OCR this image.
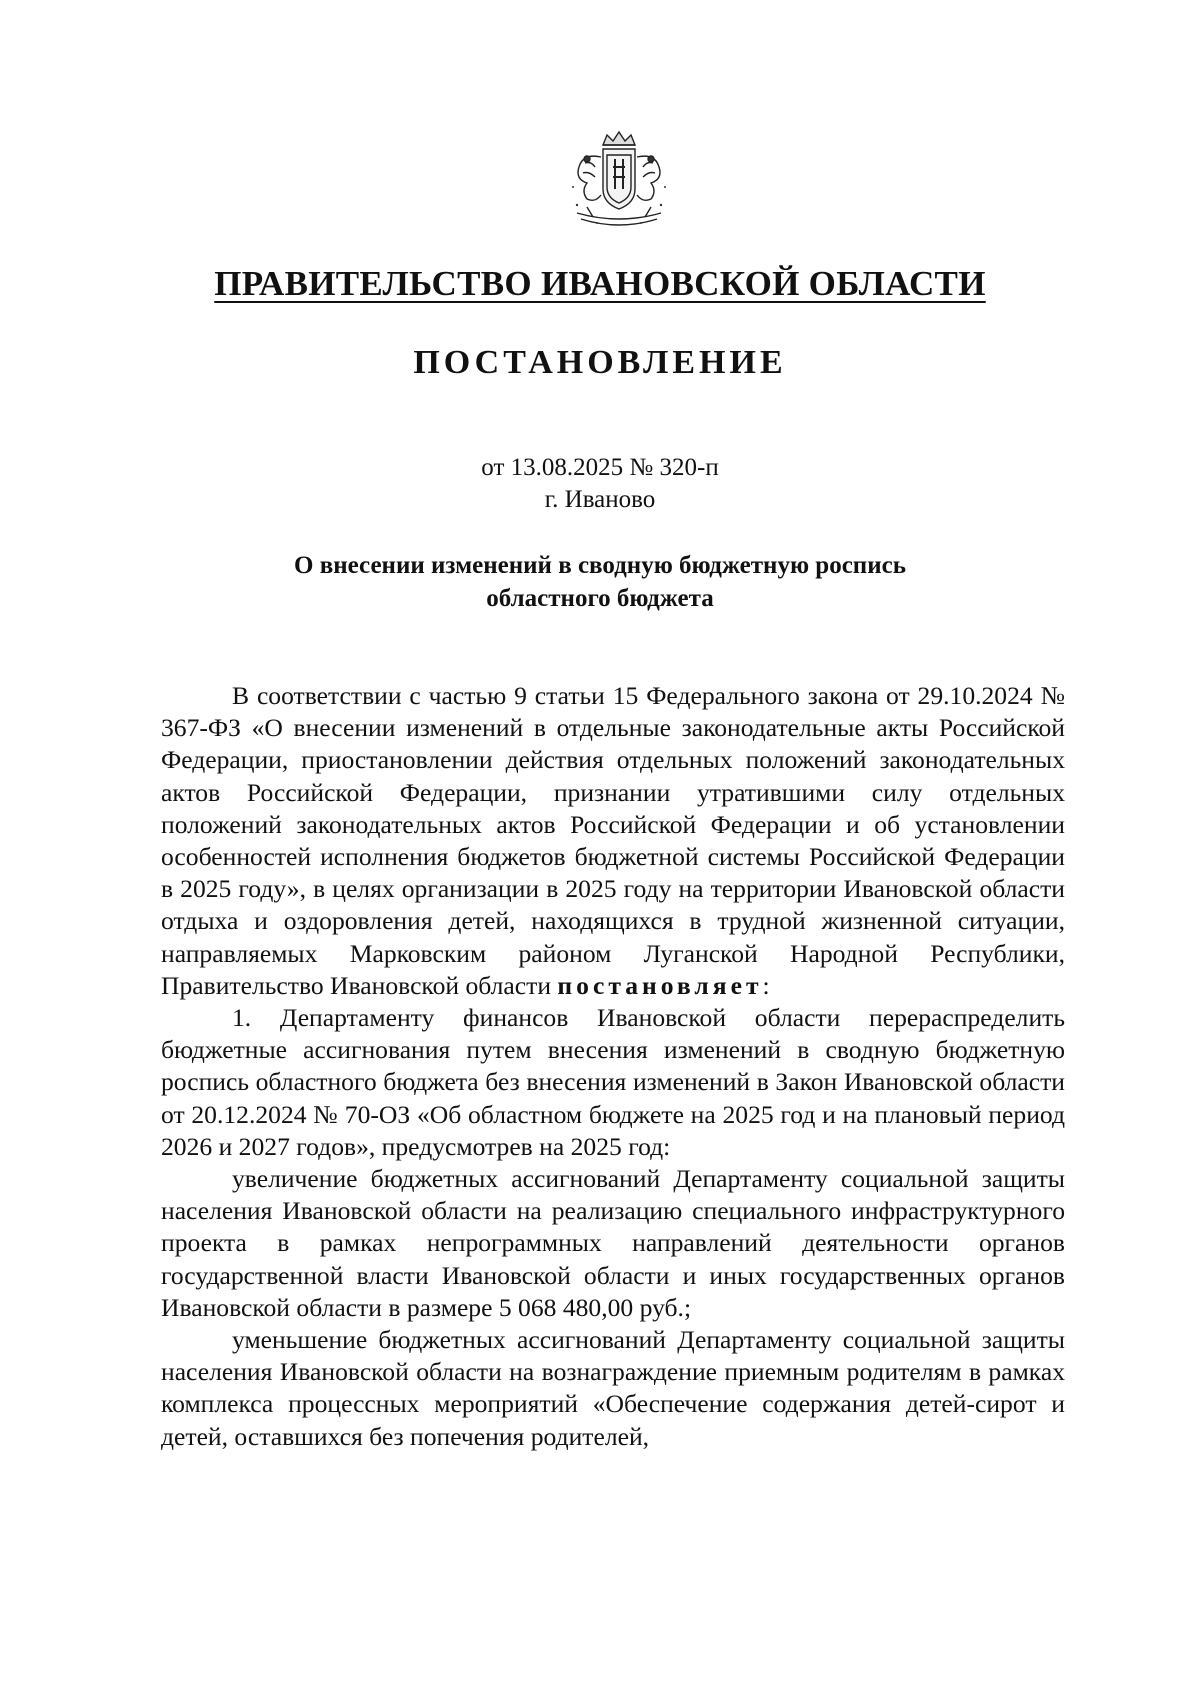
ПРАВИТЕЛЬСТВО ИВАНОВСКОЙ ОБЛАСТИ
ПОСТАНОВЛЕНИЕ
от 13.08.2025 № 320-п
г. Иваново
О внесении изменений в сводную бюджетную роспись
областного бюджета

В соответствии с частью 9 статьи 15 Федерального закона от 29.10.2024 № 367-ФЗ «О внесении изменений в отдельные законодательные акты Российской Федерации, приостановлении действия отдельных положений законодательных актов Российской Федерации, признании утратившими силу отдельных положений законодательных актов Российской Федерации и об установлении особенностей исполнения бюджетов бюджетной системы Российской Федерации в 2025 году», в целях организации в 2025 году на территории Ивановской области отдыха и оздоровления детей, находящихся в трудной жизненной ситуации, направляемых Марковским районом Луганской Народной Республики, Правительство Ивановской области постановляет:

1. Департаменту финансов Ивановской области перераспределить бюджетные ассигнования путем внесения изменений в сводную бюджетную роспись областного бюджета без внесения изменений в Закон Ивановской области от 20.12.2024 № 70-ОЗ «Об областном бюджете на 2025 год и на плановый период 2026 и 2027 годов», предусмотрев на 2025 год:

увеличение бюджетных ассигнований Департаменту социальной защиты населения Ивановской области на реализацию специального инфраструктурного проекта в рамках непрограммных направлений деятельности органов государственной власти Ивановской области и иных государственных органов Ивановской области в размере 5 068 480,00 руб.;

уменьшение бюджетных ассигнований Департаменту социальной защиты населения Ивановской области на вознаграждение приемным родителям в рамках комплекса процессных мероприятий «Обеспечение содержания детей-сирот и детей, оставшихся без попечения родителей,
